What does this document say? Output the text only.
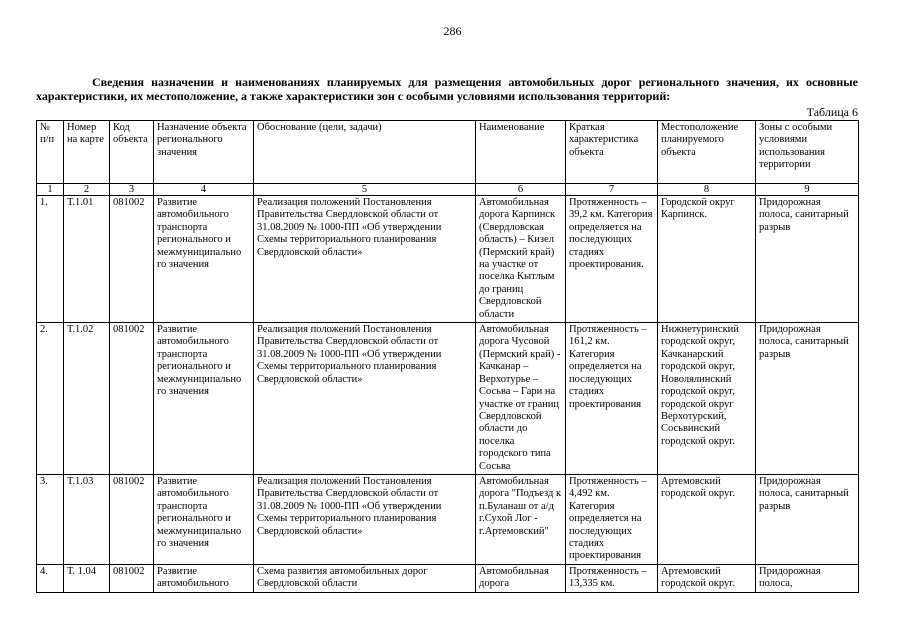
286
Сведения назначении и наименованиях планируемых для размещения автомобильных дорог регионального значения, их основные характеристики, их местоположение, а также характеристики зон с особыми условиями использования территорий:
Таблица 6
№ п/п	Номер на карте	Код объекта	Назначение объекта регионального значения	Обоснование (цели, задачи)	Наименование	Краткая характеристика объекта	Местоположение планируемого объекта	Зоны с особыми условиями использования территории
1	2	3	4	5	6	7	8	9
1.	Т.1.01	081002	Развитие автомобильного транспорта регионального и межмуниципально го значения	Реализация положений Постановления Правительства Свердловской области от 31.08.2009 № 1000-ПП «Об утверждении Схемы территориального планирования Свердловской области»	Автомобильная дорога Карпинск (Свердловская область) – Кизел (Пермский край) на участке от поселка Кытлым до границ Свердловской области	Протяженность – 39,2 км. Категория определяется на последующих стадиях проектирования.	Городской округ Карпинск.	Придорожная полоса, санитарный разрыв
2.	Т.1.02	081002	Развитие автомобильного транспорта регионального и межмуниципально го значения	Реализация положений Постановления Правительства Свердловской области от 31.08.2009 № 1000-ПП «Об утверждении Схемы территориального планирования Свердловской области»	Автомобильная дорога Чусовой (Пермский край) - Качканар – Верхотурье – Сосьва – Гари на участке от границ Свердловской области до поселка городского типа Сосьва	Протяженность – 161,2 км. Категория определяется на последующих стадиях проектирования	Нижнетуринский городской округ, Качканарский городской округ, Новолялинский городской округ, городской округ Верхотурский, Сосьвинский городской округ.	Придорожная полоса, санитарный разрыв
3.	Т.1.03	081002	Развитие автомобильного транспорта регионального и межмуниципально го значения	Реализация положений Постановления Правительства Свердловской области от 31.08.2009 № 1000-ПП «Об утверждении Схемы территориального планирования Свердловской области»	Автомобильная дорога "Подъезд к п.Буланаш от а/д г.Сухой Лог - г.Артемовский"	Протяженность – 4,492 км. Категория определяется на последующих стадиях проектирования	Артемовский городской округ.	Придорожная полоса, санитарный разрыв
4.	Т. 1.04	081002	Развитие автомобильного	Схема развития автомобильных дорог Свердловской области	Автомобильная дорога	Протяженность – 13,335 км.	Артемовский городской округ.	Придорожная полоса,
